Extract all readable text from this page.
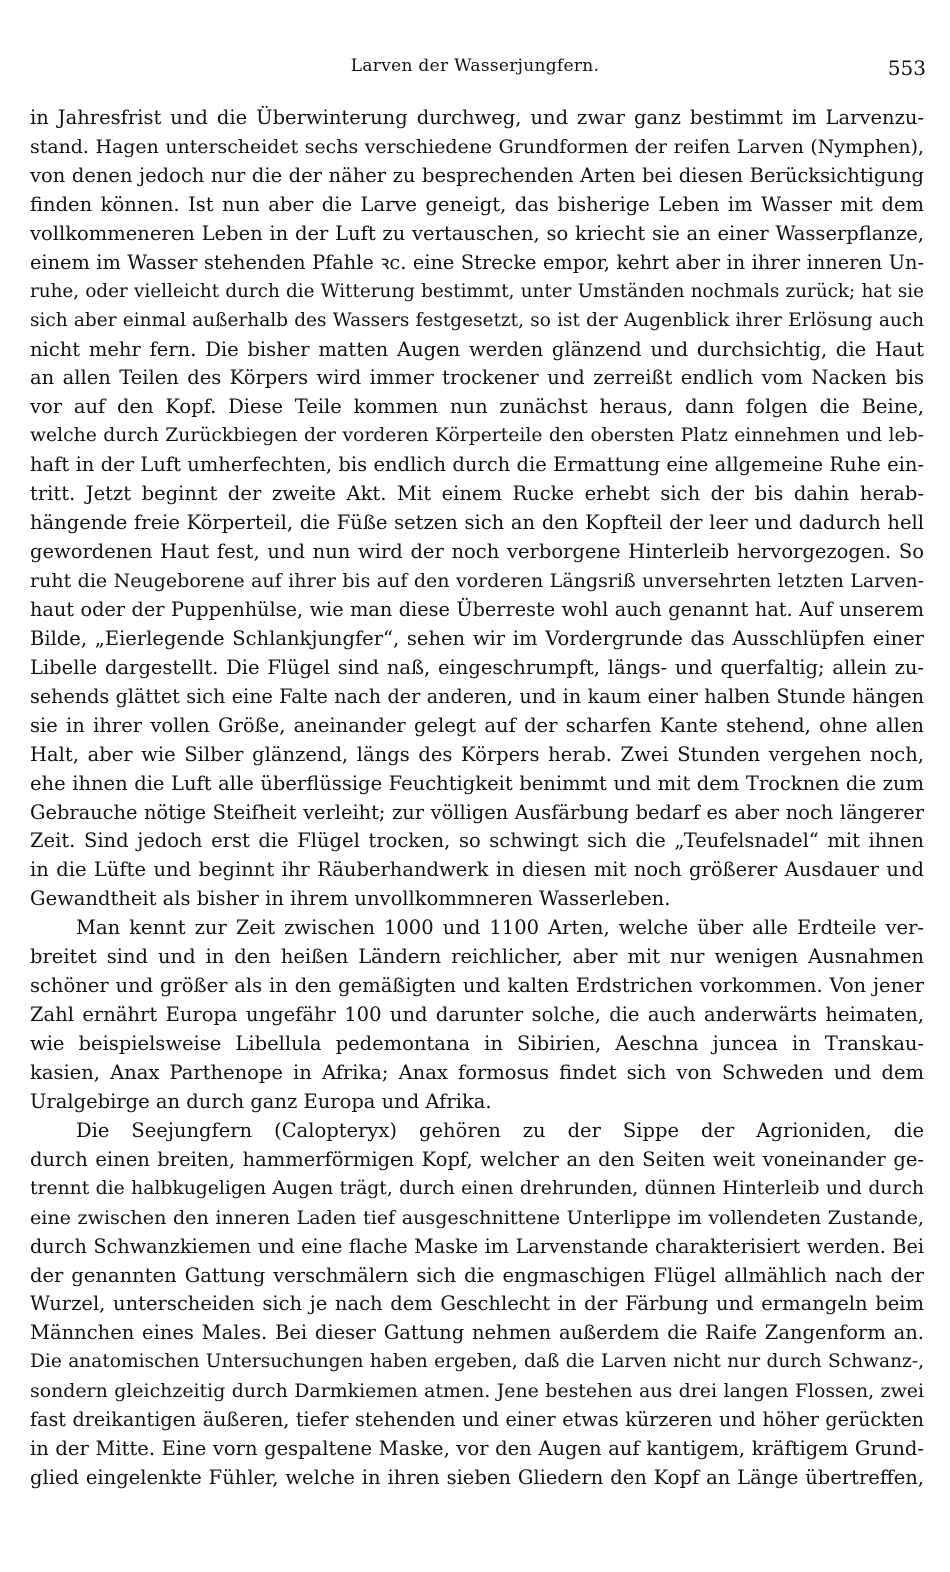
Larven der Wasserjungfern.	553
in Jahresfrist und die Überwinterung durchweg, und zwar ganz bestimmt im Larvenzu-
stand. Hagen unterscheidet sechs verschiedene Grundformen der reifen Larven (Nymphen),
von denen jedoch nur die der näher zu besprechenden Arten bei diesen Berücksichtigung
finden können. Ist nun aber die Larve geneigt, das bisherige Leben im Wasser mit dem
vollkommeneren Leben in der Luft zu vertauschen, so kriecht sie an einer Wasserpflanze,
einem im Wasser stehenden Pfahle ꝛc. eine Strecke empor, kehrt aber in ihrer inneren Un-
ruhe, oder vielleicht durch die Witterung bestimmt, unter Umständen nochmals zurück; hat sie
sich aber einmal außerhalb des Wassers festgesetzt, so ist der Augenblick ihrer Erlösung auch
nicht mehr fern. Die bisher matten Augen werden glänzend und durchsichtig, die Haut
an allen Teilen des Körpers wird immer trockener und zerreißt endlich vom Nacken bis
vor auf den Kopf. Diese Teile kommen nun zunächst heraus, dann folgen die Beine,
welche durch Zurückbiegen der vorderen Körperteile den obersten Platz einnehmen und leb-
haft in der Luft umherfechten, bis endlich durch die Ermattung eine allgemeine Ruhe ein-
tritt. Jetzt beginnt der zweite Akt. Mit einem Rucke erhebt sich der bis dahin herab-
hängende freie Körperteil, die Füße setzen sich an den Kopfteil der leer und dadurch hell
gewordenen Haut fest, und nun wird der noch verborgene Hinterleib hervorgezogen. So
ruht die Neugeborene auf ihrer bis auf den vorderen Längsriß unversehrten letzten Larven-
haut oder der Puppenhülse, wie man diese Überreste wohl auch genannt hat. Auf unserem
Bilde, „Eierlegende Schlankjungfer“, sehen wir im Vordergrunde das Ausschlüpfen einer
Libelle dargestellt. Die Flügel sind naß, eingeschrumpft, längs- und querfaltig; allein zu-
sehends glättet sich eine Falte nach der anderen, und in kaum einer halben Stunde hängen
sie in ihrer vollen Größe, aneinander gelegt auf der scharfen Kante stehend, ohne allen
Halt, aber wie Silber glänzend, längs des Körpers herab. Zwei Stunden vergehen noch,
ehe ihnen die Luft alle überflüssige Feuchtigkeit benimmt und mit dem Trocknen die zum
Gebrauche nötige Steifheit verleiht; zur völligen Ausfärbung bedarf es aber noch längerer
Zeit. Sind jedoch erst die Flügel trocken, so schwingt sich die „Teufelsnadel“ mit ihnen
in die Lüfte und beginnt ihr Räuberhandwerk in diesen mit noch größerer Ausdauer und
Gewandtheit als bisher in ihrem unvollkommneren Wasserleben.
Man kennt zur Zeit zwischen 1000 und 1100 Arten, welche über alle Erdteile ver-
breitet sind und in den heißen Ländern reichlicher, aber mit nur wenigen Ausnahmen
schöner und größer als in den gemäßigten und kalten Erdstrichen vorkommen. Von jener
Zahl ernährt Europa ungefähr 100 und darunter solche, die auch anderwärts heimaten,
wie beispielsweise Libellula pedemontana in Sibirien, Aeschna juncea in Transkau-
kasien, Anax Parthenope in Afrika; Anax formosus findet sich von Schweden und dem
Uralgebirge an durch ganz Europa und Afrika.
Die Seejungfern (Calopteryx) gehören zu der Sippe der Agrioniden, die
durch einen breiten, hammerförmigen Kopf, welcher an den Seiten weit voneinander ge-
trennt die halbkugeligen Augen trägt, durch einen drehrunden, dünnen Hinterleib und durch
eine zwischen den inneren Laden tief ausgeschnittene Unterlippe im vollendeten Zustande,
durch Schwanzkiemen und eine flache Maske im Larvenstande charakterisiert werden. Bei
der genannten Gattung verschmälern sich die engmaschigen Flügel allmählich nach der
Wurzel, unterscheiden sich je nach dem Geschlecht in der Färbung und ermangeln beim
Männchen eines Males. Bei dieser Gattung nehmen außerdem die Raife Zangenform an.
Die anatomischen Untersuchungen haben ergeben, daß die Larven nicht nur durch Schwanz-,
sondern gleichzeitig durch Darmkiemen atmen. Jene bestehen aus drei langen Flossen, zwei
fast dreikantigen äußeren, tiefer stehenden und einer etwas kürzeren und höher gerückten
in der Mitte. Eine vorn gespaltene Maske, vor den Augen auf kantigem, kräftigem Grund-
glied eingelenkte Fühler, welche in ihren sieben Gliedern den Kopf an Länge übertreffen,
